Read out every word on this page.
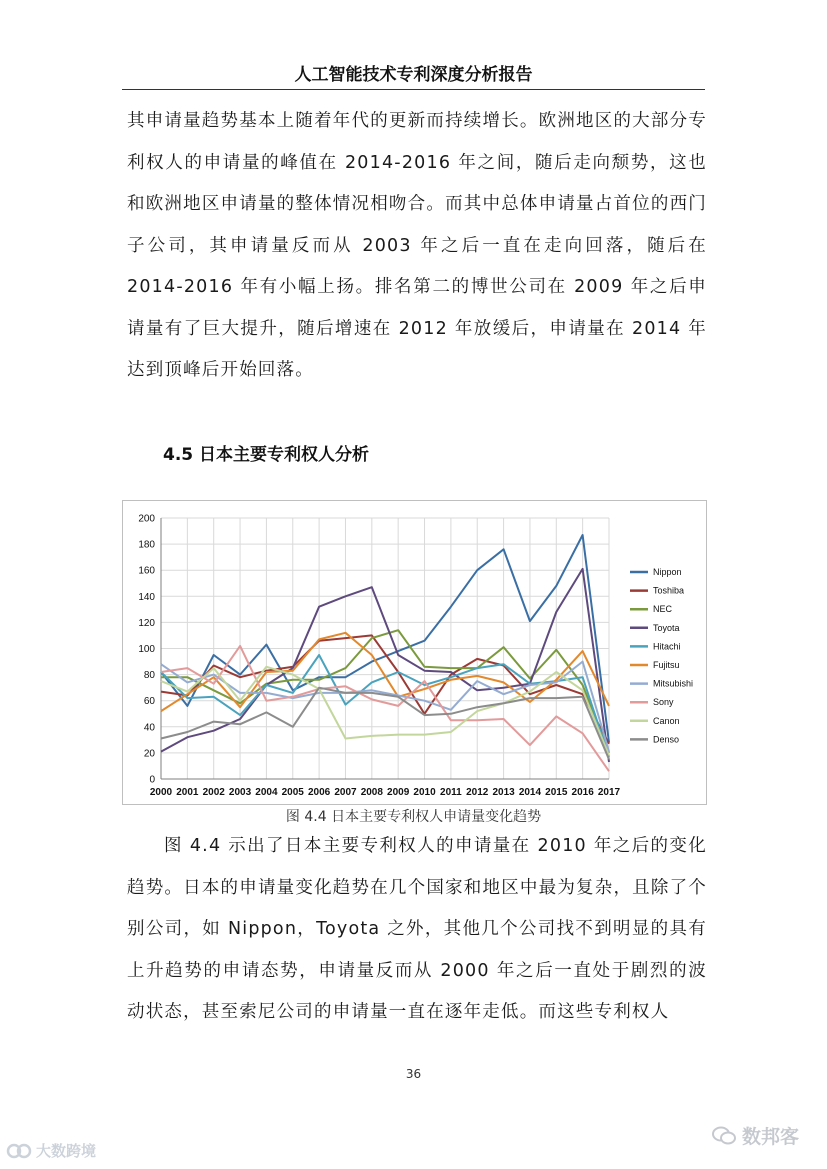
人工智能技术专利深度分析报告

其申请量趋势基本上随着年代的更新而持续增长。欧洲地区的大部分专利权人的申请量的峰值在 2014-2016 年之间，随后走向颓势，这也和欧洲地区申请量的整体情况相吻合。而其中总体申请量占首位的西门子公司，其申请量反而从 2003 年之后一直在走向回落，随后在 2014-2016 年有小幅上扬。排名第二的博世公司在 2009 年之后申请量有了巨大提升，随后增速在 2012 年放缓后，申请量在 2014 年达到顶峰后开始回落。

4.5 日本主要专利权人分析
0
20
40
60
80
100
120
140
160
180
200
2000 2001 2002 2003 2004 2005 2006 2007 2008 2009 2010 2011 2012 2013 2014 2015 2016 2017
Nippon
Toshiba
NEC
Toyota
Hitachi
Fujitsu
Mitsubishi
Sony
Canon
Denso
图 4.4 日本主要专利权人申请量变化趋势

图 4.4 示出了日本主要专利权人的申请量在 2010 年之后的变化趋势。日本的申请量变化趋势在几个国家和地区中最为复杂，且除了个别公司，如 Nippon，Toyota 之外，其他几个公司找不到明显的具有上升趋势的申请态势，申请量反而从 2000 年之后一直处于剧烈的波动状态，甚至索尼公司的申请量一直在逐年走低。而这些专利权人

36
大数跨境
数邦客
